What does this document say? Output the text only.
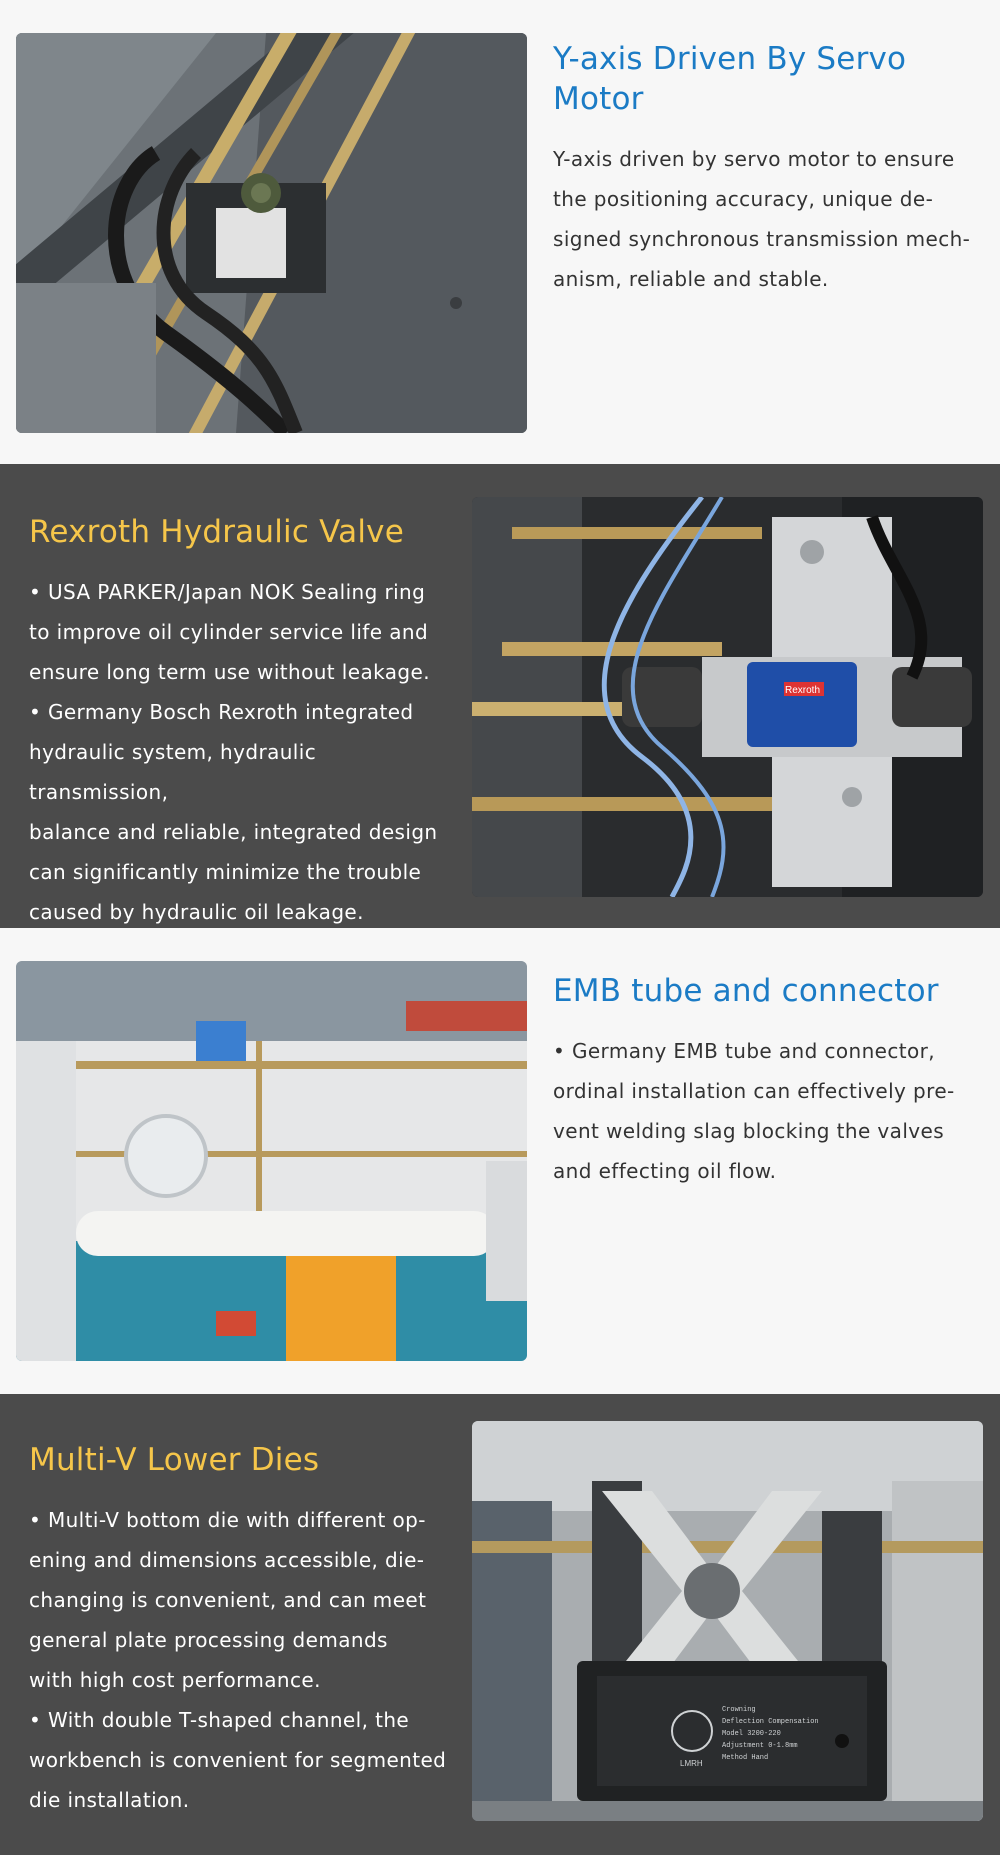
Y-axis Driven By Servo Motor

Y-axis driven by servo motor to ensure

the positioning accuracy, unique de-

signed synchronous transmission mech-

anism, reliable and stable.

Rexroth Hydraulic Valve

• USA PARKER/Japan NOK Sealing ring

to improve oil cylinder service life and

ensure long term use without leakage.

• Germany Bosch Rexroth integrated

hydraulic system, hydraulic transmission,

balance and reliable, integrated design

can significantly minimize the trouble

caused by hydraulic oil leakage.

Rexroth
EMB tube and connector

• Germany EMB tube and connector,

ordinal installation can effectively pre-

vent welding slag blocking the valves

and effecting oil flow.

Multi-V Lower Dies

• Multi-V bottom die with different op-

ening and dimensions accessible, die-

changing is convenient, and can meet

general plate processing demands

with high cost performance.

• With double T-shaped channel, the

workbench is convenient for segmented

die installation.

LMRH
Crowning
Deflection Compensation
Model 3200-220
Adjustment 0-1.8mm
Method Hand
